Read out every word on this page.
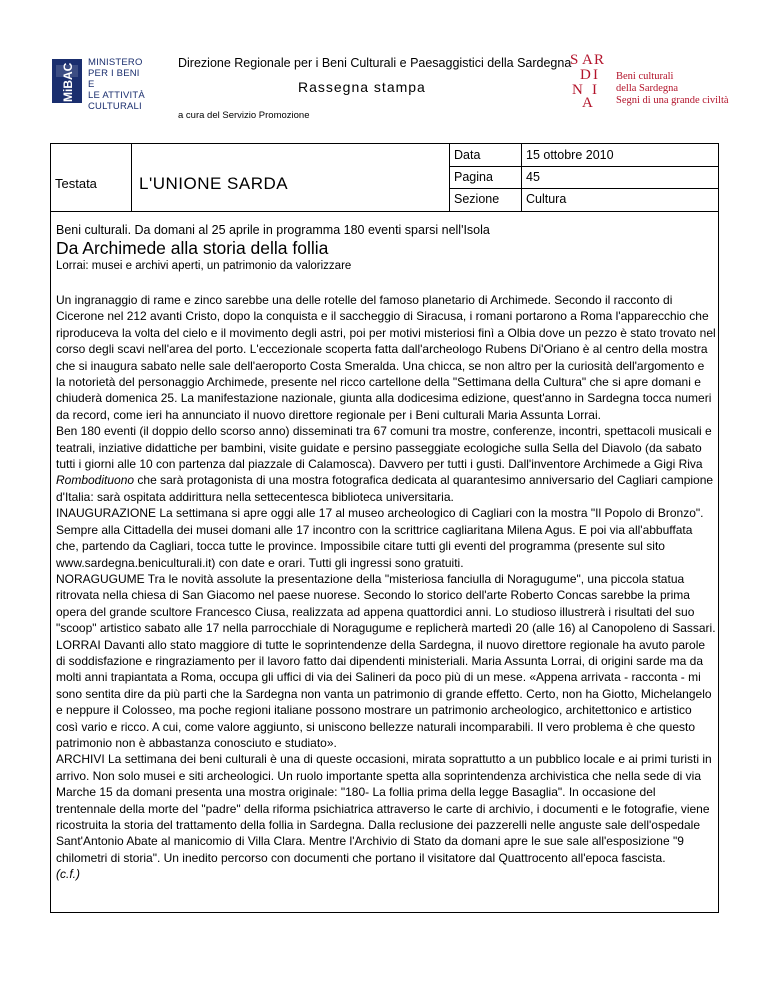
MiBAC
MINISTERO
PER I BENI E
LE ATTIVITÀ
CULTURALI
Direzione Regionale per i Beni Culturali e Paesaggistici della Sardegna
Rassegna stampa
a cura del Servizio Promozione
S A R
D I
N I
A
Beni culturali
della Sardegna
Segni di una grande civiltà
Testata L'UNIONE SARDA
Data	15 ottobre 2010
Pagina	45
Sezione Cultura

Beni culturali. Da domani al 25 aprile in programma 180 eventi sparsi nell'Isola

Da Archimede alla storia della follia

Lorrai: musei e archivi aperti, un patrimonio da valorizzare

Un ingranaggio di rame e zinco sarebbe una delle rotelle del famoso planetario di Archimede. Secondo il racconto di Cicerone nel 212 avanti Cristo, dopo la conquista e il saccheggio di Siracusa, i romani portarono a Roma l'apparecchio che riproduceva la volta del cielo e il movimento degli astri, poi per motivi misteriosi finì a Olbia dove un pezzo è stato trovato nel corso degli scavi nell'area del porto. L'eccezionale scoperta fatta dall'archeologo Rubens Di'Oriano è al centro della mostra che si inaugura sabato nelle sale dell'aeroporto Costa Smeralda. Una chicca, se non altro per la curiosità dell'argomento e la notorietà del personaggio Archimede, presente nel ricco cartellone della "Settimana della Cultura" che si apre domani e chiuderà domenica 25. La manifestazione nazionale, giunta alla dodicesima edizione, quest'anno in Sardegna tocca numeri da record, come ieri ha annunciato il nuovo direttore regionale per i Beni culturali Maria Assunta Lorrai.

Ben 180 eventi (il doppio dello scorso anno) disseminati tra 67 comuni tra mostre, conferenze, incontri, spettacoli musicali e teatrali, inziative didattiche per bambini, visite guidate e persino passeggiate ecologiche sulla Sella del Diavolo (da sabato tutti i giorni alle 10 con partenza dal piazzale di Calamosca). Davvero per tutti i gusti. Dall'inventore Archimede a Gigi Riva Rombodituono che sarà protagonista di una mostra fotografica dedicata al quarantesimo anniversario del Cagliari campione d'Italia: sarà ospitata addirittura nella settecentesca biblioteca universitaria.

INAUGURAZIONE La settimana si apre oggi alle 17 al museo archeologico di Cagliari con la mostra "Il Popolo di Bronzo". Sempre alla Cittadella dei musei domani alle 17 incontro con la scrittrice cagliaritana Milena Agus. E poi via all'abbuffata che, partendo da Cagliari, tocca tutte le province. Impossibile citare tutti gli eventi del programma (presente sul sito www.sardegna.beniculturali.it) con date e orari. Tutti gli ingressi sono gratuiti.

NORAGUGUME Tra le novità assolute la presentazione della "misteriosa fanciulla di Noragugume", una piccola statua ritrovata nella chiesa di San Giacomo nel paese nuorese. Secondo lo storico dell'arte Roberto Concas sarebbe la prima opera del grande scultore Francesco Ciusa, realizzata ad appena quattordici anni. Lo studioso illustrerà i risultati del suo "scoop" artistico sabato alle 17 nella parrocchiale di Noragugume e replicherà martedì 20 (alle 16) al Canopoleno di Sassari.

LORRAI Davanti allo stato maggiore di tutte le soprintendenze della Sardegna, il nuovo direttore regionale ha avuto parole di soddisfazione e ringraziamento per il lavoro fatto dai dipendenti ministeriali. Maria Assunta Lorrai, di origini sarde ma da molti anni trapiantata a Roma, occupa gli uffici di via dei Salineri da poco più di un mese. «Appena arrivata - racconta - mi sono sentita dire da più parti che la Sardegna non vanta un patrimonio di grande effetto. Certo, non ha Giotto, Michelangelo e neppure il Colosseo, ma poche regioni italiane possono mostrare un patrimonio archeologico, architettonico e artistico così vario e ricco. A cui, come valore aggiunto, si uniscono bellezze naturali incomparabili. Il vero problema è che questo patrimonio non è abbastanza conosciuto e studiato».

ARCHIVI La settimana dei beni culturali è una di queste occasioni, mirata soprattutto a un pubblico locale e ai primi turisti in arrivo. Non solo musei e siti archeologici. Un ruolo importante spetta alla soprintendenza archivistica che nella sede di via Marche 15 da domani presenta una mostra originale: "180- La follia prima della legge Basaglia". In occasione del trentennale della morte del "padre" della riforma psichiatrica attraverso le carte di archivio, i documenti e le fotografie, viene ricostruita la storia del trattamento della follia in Sardegna. Dalla reclusione dei pazzerelli nelle anguste sale dell'ospedale Sant'Antonio Abate al manicomio di Villa Clara. Mentre l'Archivio di Stato da domani apre le sue sale all'esposizione "9 chilometri di storia". Un inedito percorso con documenti che portano il visitatore dal Quattrocento all'epoca fascista.

(c.f.)
